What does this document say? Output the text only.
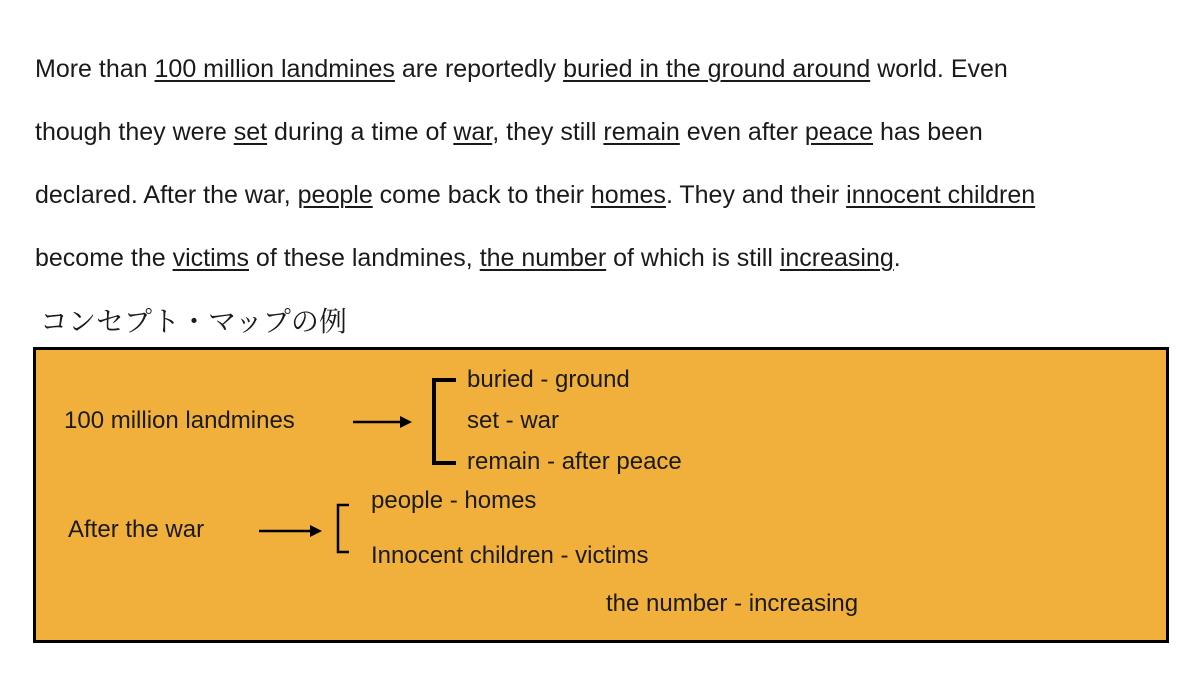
More than 100 million landmines are reportedly buried in the ground around world. Even

though they were set during a time of war, they still remain even after peace has been

declared. After the war, people come back to their homes. They and their innocent children

become the victims of these landmines, the number of which is still increasing.

コンセプト・マップの例
100 million landmines
buried - ground
set - war
remain - after peace
After the war
people - homes
Innocent children - victims
the number - increasing
